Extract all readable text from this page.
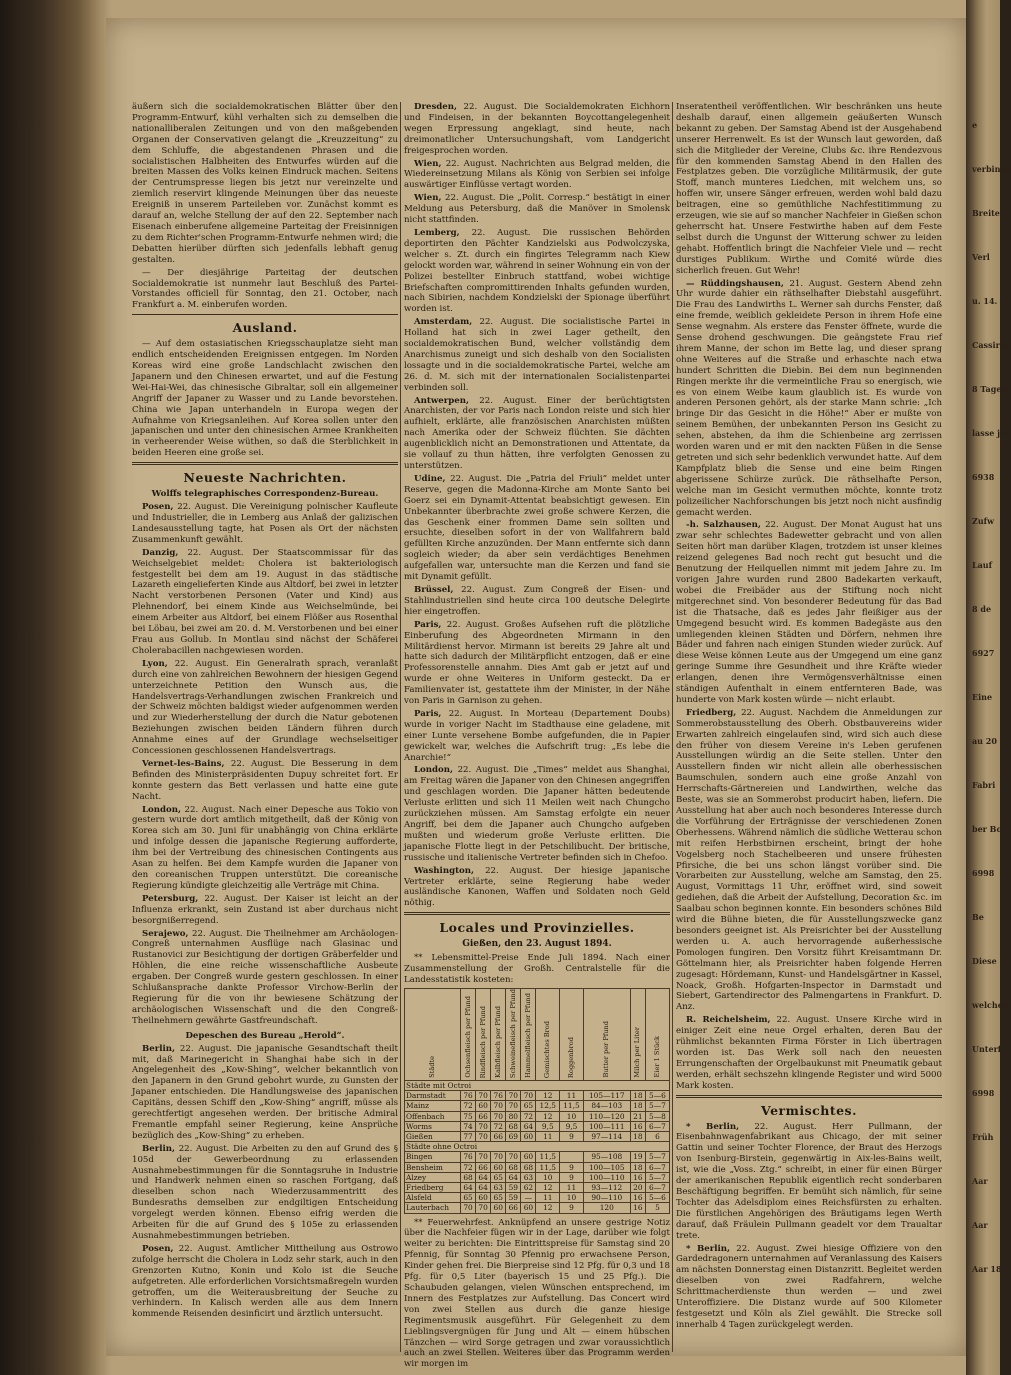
e
verbinde
Breite
Verl
u. 14.
Cassirer
8 Tagen
lasse je
6938
Zufw
Lauf
8 de
6927
Eine
au 20
Fabri
ber Bo
6998
Be
Diese
welcher
Unterf
6998
Früh
Aar
Aar
Aar 18

äußern sich die socialdemokratischen Blätter über den Programm-Entwurf, kühl verhalten sich zu demselben die nationalliberalen Zeitungen und von den maßgebenden Organen der Conservativen gelangt die „Kreuzzeitung“ zu dem Schluffe, die abgestandenen Phrasen und die socialistischen Halbheiten des Entwurfes würden auf die breiten Massen des Volks keinen Eindruck machen. Seitens der Centrumspresse liegen bis jetzt nur vereinzelte und ziemlich reservirt klingende Meinungen über das neueste Ereigniß in unserem Parteileben vor. Zunächst kommt es darauf an, welche Stellung der auf den 22. September nach Eisenach einberufene allgemeine Parteitag der Freisinnigen zu dem Richter'schen Programm-Entwurfe nehmen wird; die Debatten hierüber dürften sich jedenfalls lebhaft genug gestalten.

— Der diesjährige Parteitag der deutschen Socialdemokratie ist nunmehr laut Beschluß des Partei-Vorstandes officiell für Sonntag, den 21. October, nach Frankfurt a. M. einberufen worden.

Ausland.

— Auf dem ostasiatischen Kriegsschauplatze sieht man endlich entscheidenden Ereignissen entgegen. Im Norden Koreas wird eine große Landschlacht zwischen den Japanern und den Chinesen erwartet, und auf die Festung Wei-Hai-Wei, das chinesische Gibraltar, soll ein allgemeiner Angriff der Japaner zu Wasser und zu Lande bevorstehen. China wie Japan unterhandeln in Europa wegen der Aufnahme von Kriegsanleihen. Auf Korea sollen unter den japanischen und unter den chinesischen Armee Krankheiten in verheerender Weise wüthen, so daß die Sterblichkeit in beiden Heeren eine große sei.

Neueste Nachrichten.
Wolffs telegraphisches Correspondenz-Bureau.

Posen, 22. August. Die Vereinigung polnischer Kaufleute und Industrieller, die in Lemberg aus Anlaß der galizischen Landesausstellung tagte, hat Posen als Ort der nächsten Zusammenkunft gewählt.

Danzig, 22. August. Der Staatscommissar für das Weichselgebiet meldet: Cholera ist bakteriologisch festgestellt bei dem am 19. August in das städtische Lazareth eingelieferten Kinde aus Altdorf, bei zwei in letzter Nacht verstorbenen Personen (Vater und Kind) aus Plehnendorf, bei einem Kinde aus Weichselmünde, bei einem Arbeiter aus Altdorf, bei einem Flößer aus Rosenthal bei Löbau, bei zwei am 20. d. M. Verstorbenen und bei einer Frau aus Gollub. In Montlau sind nächst der Schäferei Cholerabacillen nachgewiesen worden.

Lyon, 22. August. Ein Generalrath sprach, veranlaßt durch eine von zahlreichen Bewohnern der hiesigen Gegend unterzeichnete Petition den Wunsch aus, die Handelsvertrags-Verhandlungen zwischen Frankreich und der Schweiz möchten baldigst wieder aufgenommen werden und zur Wiederherstellung der durch die Natur gebotenen Beziehungen zwischen beiden Ländern führen durch Annahme eines auf der Grundlage wechselseitiger Concessionen geschlossenen Handelsvertrags.

Vernet-les-Bains, 22. August. Die Besserung in dem Befinden des Ministerpräsidenten Dupuy schreitet fort. Er konnte gestern das Bett verlassen und hatte eine gute Nacht.

London, 22. August. Nach einer Depesche aus Tokio von gestern wurde dort amtlich mitgetheilt, daß der König von Korea sich am 30. Juni für unabhängig von China erklärte und infolge dessen die japanische Regierung aufforderte, ihm bei der Vertreibung des chinesischen Contingents aus Asan zu helfen. Bei dem Kampfe wurden die Japaner von den coreanischen Truppen unterstützt. Die coreanische Regierung kündigte gleichzeitig alle Verträge mit China.

Petersburg, 22. August. Der Kaiser ist leicht an der Influenza erkrankt, sein Zustand ist aber durchaus nicht besorgnißerregend.

Serajewo, 22. August. Die Theilnehmer am Archäologen-Congreß unternahmen Ausflüge nach Glasinac und Rustanovici zur Besichtigung der dortigen Gräberfelder und Höhlen, die eine reiche wissenschaftliche Ausbeute ergaben. Der Congreß wurde gestern geschlossen. In einer Schlußansprache dankte Professor Virchow-Berlin der Regierung für die von ihr bewiesene Schätzung der archäologischen Wissenschaft und die den Congreß-Theilnehmern gewährte Gastfreundschaft.

Depeschen des Bureau „Herold“.

Berlin, 22. August. Die japanische Gesandtschaft theilt mit, daß Marinegericht in Shanghai habe sich in der Angelegenheit des „Kow-Shing“, welcher bekanntlich von den Japanern in den Grund gebohrt wurde, zu Gunsten der Japaner entschieden. Die Handlungsweise des japanischen Capitäns, dessen Schiff den „Kow-Shing“ angriff, müsse als gerechtfertigt angesehen werden. Der britische Admiral Fremantle empfahl seiner Regierung, keine Ansprüche bezüglich des „Kow-Shing“ zu erheben.

Berlin, 22. August. Die Arbeiten zu den auf Grund des § 105d der Gewerbeordnung zu erlassenden Ausnahmebestimmungen für die Sonntagsruhe in Industrie und Handwerk nehmen einen so raschen Fortgang, daß dieselben schon nach Wiederzusammentritt des Bundesraths demselben zur endgiltigen Entscheidung vorgelegt werden können. Ebenso eifrig werden die Arbeiten für die auf Grund des § 105e zu erlassenden Ausnahmebestimmungen betrieben.

Posen, 22. August. Amtlicher Mittheilung aus Ostrowo zufolge herrscht die Cholera in Lodz sehr stark, auch in den Grenzorten Kutno, Konin und Kolo ist die Seuche aufgetreten. Alle erforderlichen Vorsichtsmaßregeln wurden getroffen, um die Weiterausbreitung der Seuche zu verhindern. In Kalisch werden alle aus dem Innern kommende Reisenden desinficirt und ärztlich untersucht.

Dresden, 22. August. Die Socialdemokraten Eichhorn und Findeisen, in der bekannten Boycottangelegenheit wegen Erpressung angeklagt, sind heute, nach dreimonatlicher Untersuchungshaft, vom Landgericht freigesprochen worden.

Wien, 22. August. Nachrichten aus Belgrad melden, die Wiedereinsetzung Milans als König von Serbien sei infolge auswärtiger Einflüsse vertagt worden.

Wien, 22. August. Die „Polit. Corresp.“ bestätigt in einer Meldung aus Petersburg, daß die Manöver in Smolensk nicht stattfinden.

Lemberg, 22. August. Die russischen Behörden deportirten den Pächter Kandzielski aus Podwolczyska, welcher s. Zt. durch ein fingirtes Telegramm nach Kiew gelockt worden war, während in seiner Wohnung ein von der Polizei bestellter Einbruch stattfand, wobei wichtige Briefschaften compromittirenden Inhalts gefunden wurden, nach Sibirien, nachdem Kondzielski der Spionage überführt worden ist.

Amsterdam, 22. August. Die socialistische Partei in Holland hat sich in zwei Lager getheilt, den socialdemokratischen Bund, welcher vollständig dem Anarchismus zuneigt und sich deshalb von den Socialisten lossagte und in die socialdemokratische Partei, welche am 26. d. M. sich mit der internationalen Socialistenpartei verbinden soll.

Antwerpen, 22. August. Einer der berüchtigtsten Anarchisten, der vor Paris nach London reiste und sich hier aufhielt, erklärte, alle französischen Anarchisten müßten nach Amerika oder der Schweiz flüchten. Sie dächten augenblicklich nicht an Demonstrationen und Attentate, da sie vollauf zu thun hätten, ihre verfolgten Genossen zu unterstützen.

Udine, 22. August. Die „Patria del Friuli“ meldet unter Reserve, gegen die Madonna-Kirche am Monte Santo bei Goerz sei ein Dynamit-Attentat beabsichtigt gewesen. Ein Unbekannter überbrachte zwei große schwere Kerzen, die das Geschenk einer frommen Dame sein sollten und ersuchte, dieselben sofort in der von Wallfahrern bald gefüllten Kirche anzuzünden. Der Mann entfernte sich dann sogleich wieder; da aber sein verdächtiges Benehmen aufgefallen war, untersuchte man die Kerzen und fand sie mit Dynamit gefüllt.

Brüssel, 22. August. Zum Congreß der Eisen- und Stahlindustriellen sind heute circa 100 deutsche Delegirte hier eingetroffen.

Paris, 22. August. Großes Aufsehen ruft die plötzliche Einberufung des Abgeordneten Mirmann in den Militärdienst hervor. Mirmann ist bereits 29 Jahre alt und hatte sich dadurch der Militärpflicht entzogen, daß er eine Professorenstelle annahm. Dies Amt gab er jetzt auf und wurde er ohne Weiteres in Uniform gesteckt. Da er Familienvater ist, gestattete ihm der Minister, in der Nähe von Paris in Garnison zu gehen.

Paris, 22. August. In Morteau (Departement Doubs) wurde in voriger Nacht im Stadthause eine geladene, mit einer Lunte versehene Bombe aufgefunden, die in Papier gewickelt war, welches die Aufschrift trug: „Es lebe die Anarchie!“

London, 22. August. Die „Times“ meldet aus Shanghai, am Freitag wären die Japaner von den Chinesen angegriffen und geschlagen worden. Die Japaner hätten bedeutende Verluste erlitten und sich 11 Meilen weit nach Chungcho zurückziehen müssen. Am Samstag erfolgte ein neuer Angriff, bei dem die Japaner auch Chungcho aufgeben mußten und wiederum große Verluste erlitten. Die japanische Flotte liegt in der Petschilibucht. Der britische, russische und italienische Vertreter befinden sich in Chefoo.

Washington, 22. August. Der hiesige japanische Vertreter erklärte, seine Regierung habe weder ausländische Kanonen, Waffen und Soldaten noch Geld nöthig.

Locales und Provinzielles.
Gießen, den 23. August 1894.

** Lebensmittel-Preise Ende Juli 1894. Nach einer Zusammenstellung der Großh. Centralstelle für die Landesstatistik kosteten:

Städte	Ochsenfleisch per Pfund	Rindfleisch per Pfund	Kalbfleisch per Pfund	Schweinefleisch per Pfund	Hammelfleisch per Pfund	Gemischtes Brod	Roggenbrod	Butter per Pfund	Milch per Liter	Eier 1 Stück
Städte mit Octroi										
Darmstadt	76	70	76	70	70	12	11	105—117	18	5—6
Mainz	72	60	70	70	65	12,5	11,5	84—103	18	5—7
Offenbach	75	66	70	80	72	12	10	110—120	21	5—8
Worms	74	70	72	68	64	9,5	9,5	100—111	16	6—7
Gießen	77	70	66	69	60	11	9	97—114	18	6
Städte ohne Octroi										
Bingen	76	70	70	70	60	11,5		95—108	19	5—7
Bensheim	72	66	60	68	68	11,5	9	100—105	18	6—7
Alzey	68	64	65	64	63	10	9	100—110	16	5—7
Friedberg	64	64	63	59	62	12	11	93—112	20	6—7
Alsfeld	65	60	65	59	—	11	10	90—110	16	5—6
Lauterbach	70	70	60	66	60	12	9	120	16	5

** Feuerwehrfest. Anknüpfend an unsere gestrige Notiz über die Nachfeier fügen wir in der Lage, darüber wie folgt weiter zu berichten: Die Eintrittspreise für Samstag sind 20 Pfennig, für Sonntag 30 Pfennig pro erwachsene Person, Kinder gehen frei. Die Bierpreise sind 12 Pfg. für 0,3 und 18 Pfg. für 0,5 Liter (bayerisch 15 und 25 Pfg.). Die Schaubuden gelangen, vielen Wünschen entsprechend, im Innern des Festplatzes zur Aufstellung. Das Concert wird von zwei Stellen aus durch die ganze hiesige Regimentsmusik ausgeführt. Für Gelegenheit zu dem Lieblingsvergnügen für Jung und Alt — einem hübschen Tänzchen — wird Sorge getragen und zwar voraussichtlich auch an zwei Stellen. Weiteres über das Programm werden wir morgen im

Inseratentheil veröffentlichen. Wir beschränken uns heute deshalb darauf, einen allgemein geäußerten Wunsch bekannt zu geben. Der Samstag Abend ist der Ausgehabend unserer Herrenwelt. Es ist der Wunsch laut geworden, daß sich die Mitglieder der Vereine, Clubs &c. ihre Rendezvous für den kommenden Samstag Abend in den Hallen des Festplatzes geben. Die vorzügliche Militärmusik, der gute Stoff, manch munteres Liedchen, mit welchem uns, so hoffen wir, unsere Sänger erfreuen, werden wohl bald dazu beitragen, eine so gemüthliche Nachfestitimmung zu erzeugen, wie sie auf so mancher Nachfeier in Gießen schon geherrscht hat. Unsere Festwirthe haben auf dem Feste selbst durch die Ungunst der Witterung schwer zu leiden gehabt. Hoffentlich bringt die Nachfeier Viele und — recht durstiges Publikum. Wirthe und Comité würde dies sicherlich freuen. Gut Wehr!

— Rüddingshausen, 21. August. Gestern Abend zehn Uhr wurde dahier ein räthselhafter Diebstahl ausgeführt. Die Frau des Landwirths L. Werner sah durchs Fenster, daß eine fremde, weiblich gekleidete Person in ihrem Hofe eine Sense wegnahm. Als erstere das Fenster öffnete, wurde die Sense drohend geschwungen. Die geängstete Frau rief ihrem Manne, der schon im Bette lag, und dieser sprang ohne Weiteres auf die Straße und erhaschte nach etwa hundert Schritten die Diebin. Bei dem nun beginnenden Ringen merkte ihr die vermeintliche Frau so energisch, wie es von einem Weibe kaum glaublich ist. Es wurde von anderen Personen gehört, als der starke Mann schrie: „Ich bringe Dir das Gesicht in die Höhe!“ Aber er mußte von seinem Bemühen, der unbekannten Person ins Gesicht zu sehen, abstehen, da ihm die Schienbeine arg zerrissen worden waren und er mit den nackten Füßen in die Sense getreten und sich sehr bedenklich verwundet hatte. Auf dem Kampfplatz blieb die Sense und eine beim Ringen abgerissene Schürze zurück. Die räthselhafte Person, welche man im Gesicht vermuthen möchte, konnte trotz polizeilicher Nachforschungen bis jetzt noch nicht ausfindig gemacht werden.

-h. Salzhausen, 22. August. Der Monat August hat uns zwar sehr schlechtes Badewetter gebracht und von allen Seiten hört man darüber Klagen, trotzdem ist unser kleines reizend gelegenes Bad noch recht gut besucht und die Benutzung der Heilquellen nimmt mit jedem Jahre zu. Im vorigen Jahre wurden rund 2800 Badekarten verkauft, wobei die Freibäder aus der Stiftung noch nicht mitgerechnet sind. Von besonderer Bedeutung für das Bad ist die Thatsache, daß es jedes Jahr fleißiger aus der Umgegend besucht wird. Es kommen Badegäste aus den umliegenden kleinen Städten und Dörfern, nehmen ihre Bäder und fahren nach einigen Stunden wieder zurück. Auf diese Weise können Leute aus der Umgegend um eine ganz geringe Summe ihre Gesundheit und ihre Kräfte wieder erlangen, denen ihre Vermögensverhältnisse einen ständigen Aufenthalt in einem entfernteren Bade, was hunderte von Mark kosten würde — nicht erlaubt.

Friedberg, 22. August. Nachdem die Anmeldungen zur Sommerobstausstellung des Oberh. Obstbauvereins wider Erwarten zahlreich eingelaufen sind, wird sich auch diese den früher von diesem Vereine in's Leben gerufenen Ausstellungen würdig an die Seite stellen. Unter den Ausstellern finden wir nicht allein alle oberhessischen Baumschulen, sondern auch eine große Anzahl von Herrschafts-Gärtnereien und Landwirthen, welche das Beste, was sie an Sommerobst producirt haben, liefern. Die Ausstellung hat aber auch noch besonderes Interesse durch die Vorführung der Erträgnisse der verschiedenen Zonen Oberhessens. Während nämlich die südliche Wetterau schon mit reifen Herbstbirnen erscheint, bringt der hohe Vogelsberg noch Stachelbeeren und unsere frühesten Pfirsiche, die bei uns schon längst vorüber sind. Die Vorarbeiten zur Ausstellung, welche am Samstag, den 25. August, Vormittags 11 Uhr, eröffnet wird, sind soweit gediehen, daß die Arbeit der Aufstellung, Decoration &c. im Saalbau schon beginnen konnte. Ein besonders schönes Bild wird die Bühne bieten, die für Ausstellungszwecke ganz besonders geeignet ist. Als Preisrichter bei der Ausstellung werden u. A. auch hervorragende außerhessische Pomologen fungiren. Den Vorsitz führt Kreisamtmann Dr. Göttelmann hier, als Preisrichter haben folgende Herren zugesagt: Hördemann, Kunst- und Handelsgärtner in Kassel, Noack, Großh. Hofgarten-Inspector in Darmstadt und Siebert, Gartendirector des Palmengartens in Frankfurt. D. Anz.

R. Reichelsheim, 22. August. Unsere Kirche wird in einiger Zeit eine neue Orgel erhalten, deren Bau der rühmlichst bekannten Firma Förster in Lich übertragen worden ist. Das Werk soll nach den neuesten Errungenschaften der Orgelbaukunst mit Pneumatik gebaut werden, erhält sechszehn klingende Register und wird 5000 Mark kosten.

Vermischtes.

* Berlin, 22. August. Herr Pullmann, der Eisenbahnwagenfabrikant aus Chicago, der mit seiner Gattin und seiner Tochter Florence, der Braut des Herzogs von Isenburg-Birstein, gegenwärtig in Aix-les-Bains weilt, ist, wie die „Voss. Ztg.“ schreibt, in einer für einen Bürger der amerikanischen Republik eigentlich recht sonderbaren Beschäftigung begriffen. Er bemüht sich nämlich, für seine Tochter das Adelsdiplom eines Reichsfürsten zu erhalten. Die fürstlichen Angehörigen des Bräutigams legen Werth darauf, daß Fräulein Pullmann geadelt vor dem Traualtar trete.

* Berlin, 22. August. Zwei hiesige Offiziere von den Gardedragonern unternahmen auf Veranlassung des Kaisers am nächsten Donnerstag einen Distanzritt. Begleitet werden dieselben von zwei Radfahrern, welche Schrittmacherdienste thun werden — und zwei Unteroffiziere. Die Distanz wurde auf 500 Kilometer festgesetzt und Köln als Ziel gewählt. Die Strecke soll innerhalb 4 Tagen zurückgelegt werden.
